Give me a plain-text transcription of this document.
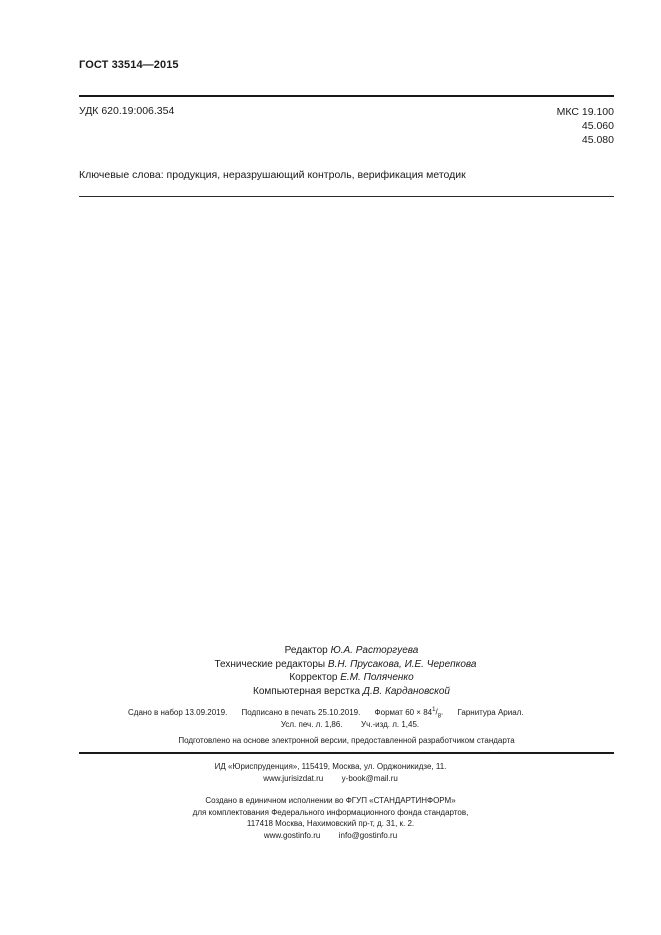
ГОСТ 33514—2015
УДК 620.19:006.354	МКС 19.100
45.060
45.080
Ключевые слова: продукция, неразрушающий контроль, верификация методик
Редактор Ю.А. Расторгуева
Технические редакторы В.Н. Прусакова, И.Е. Черепкова
Корректор Е.М. Поляченко
Компьютерная верстка Д.В. Кардановской
Сдано в набор 13.09.2019. Подписано в печать 25.10.2019. Формат $60 \times 84^1/_8$. Гарнитура Ариал.
Усл. печ. л. 1,86. Уч.-изд. л. 1,45.
Подготовлено на основе электронной версии, предоставленной разработчиком стандарта
ИД «Юриспруденция», 115419, Москва, ул. Орджоникидзе, 11.
www.jurisizdat.ru y-book@mail.ru
Создано в единичном исполнении во ФГУП «СТАНДАРТИНФОРМ»
для комплектования Федерального информационного фонда стандартов,
117418 Москва, Нахимовский пр-т, д. 31, к. 2.
www.gostinfo.ru info@gostinfo.ru
